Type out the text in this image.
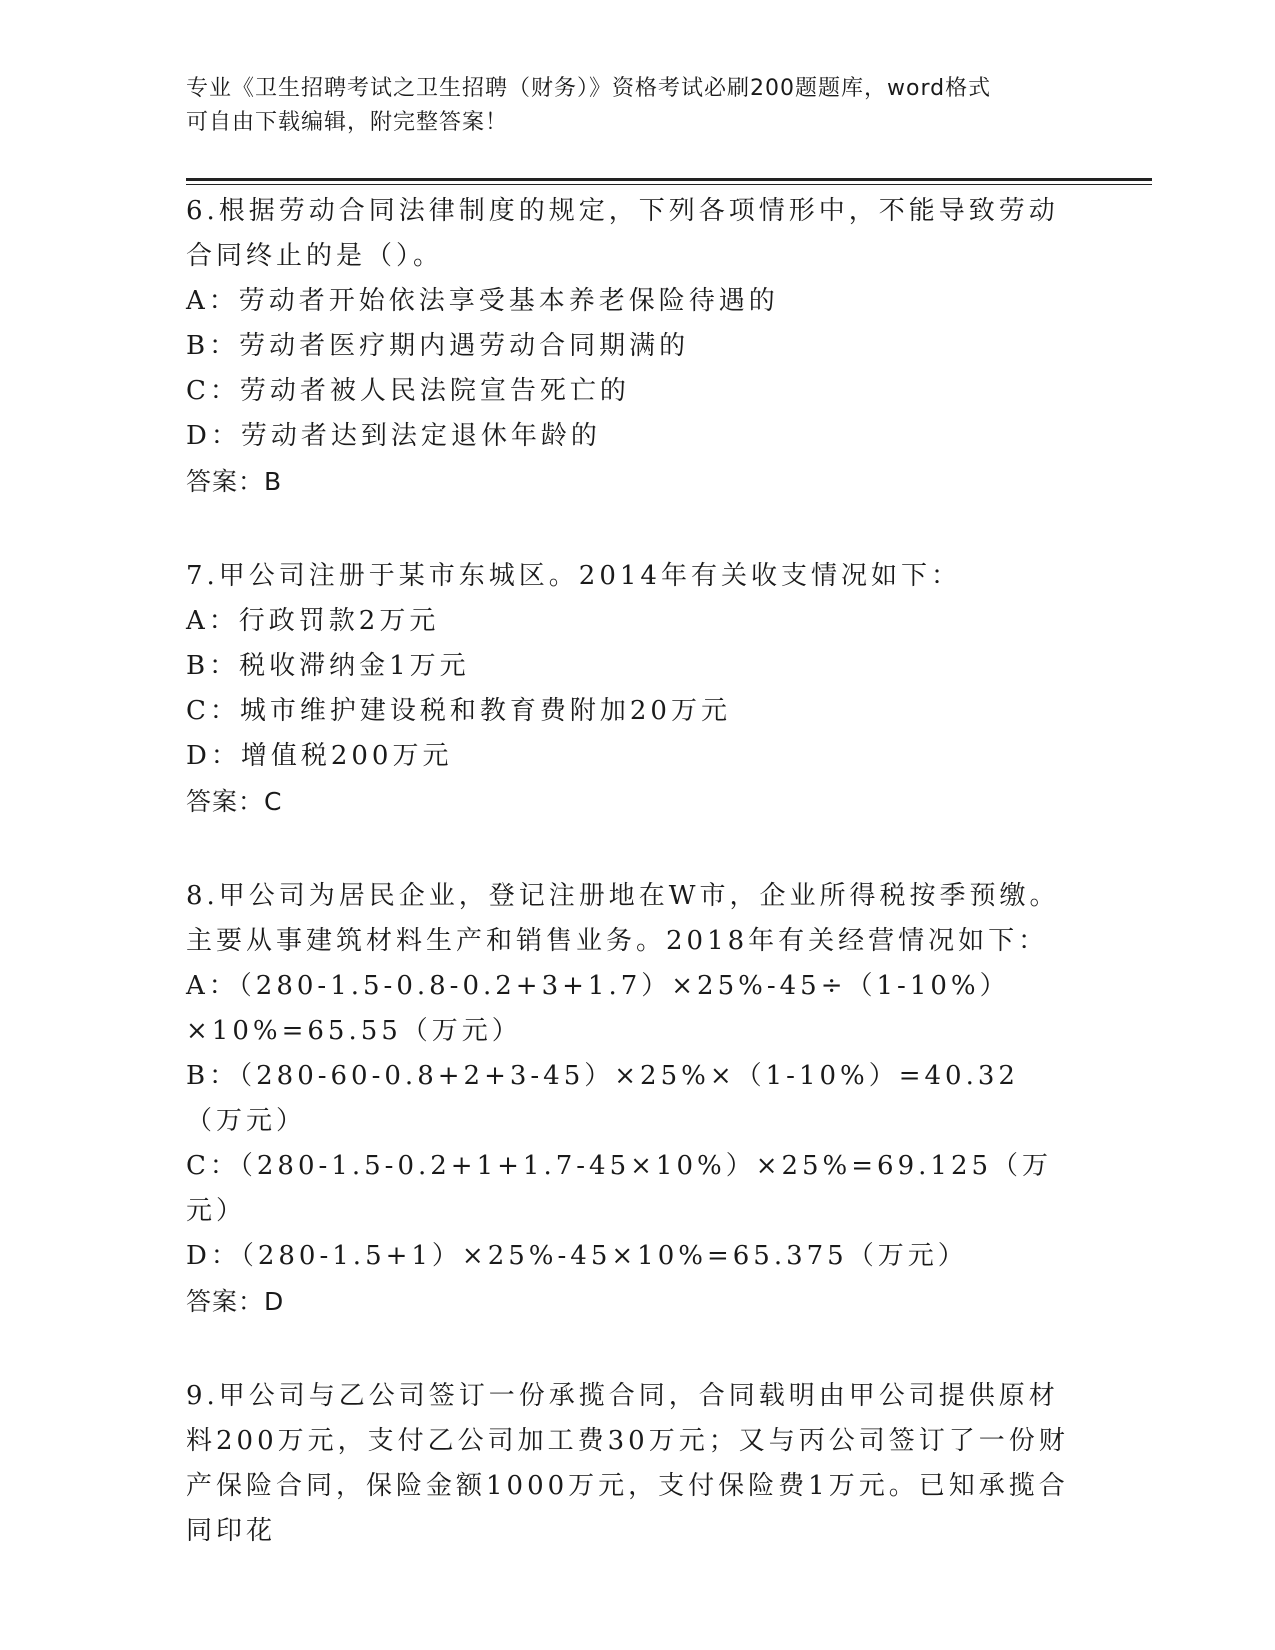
专业《卫生招聘考试之卫生招聘（财务）》资格考试必刷200题题库，word格式
可自由下载编辑，附完整答案！

6.根据劳动合同法律制度的规定，下列各项情形中，不能导致劳动合同终止的是（）。

A：劳动者开始依法享受基本养老保险待遇的

B：劳动者医疗期内遇劳动合同期满的

C：劳动者被人民法院宣告死亡的

D：劳动者达到法定退休年龄的

答案：B

7.甲公司注册于某市东城区。2014年有关收支情况如下：

A：行政罚款2万元

B：税收滞纳金1万元

C：城市维护建设税和教育费附加20万元

D：增值税200万元

答案：C

8.甲公司为居民企业，登记注册地在W市，企业所得税按季预缴。主要从事建筑材料生产和销售业务。2018年有关经营情况如下：

A：（280-1.5-0.8-0.2+3+1.7）×25%-45÷（1-10%）×10%=65.55（万元）

B：（280-60-0.8+2+3-45）×25%×（1-10%）=40.32（万元）

C：（280-1.5-0.2+1+1.7-45×10%）×25%=69.125（万元）

D：（280-1.5+1）×25%-45×10%=65.375（万元）

答案：D

9.甲公司与乙公司签订一份承揽合同，合同载明由甲公司提供原材料200万元，支付乙公司加工费30万元；又与丙公司签订了一份财产保险合同，保险金额1000万元，支付保险费1万元。已知承揽合同印花
